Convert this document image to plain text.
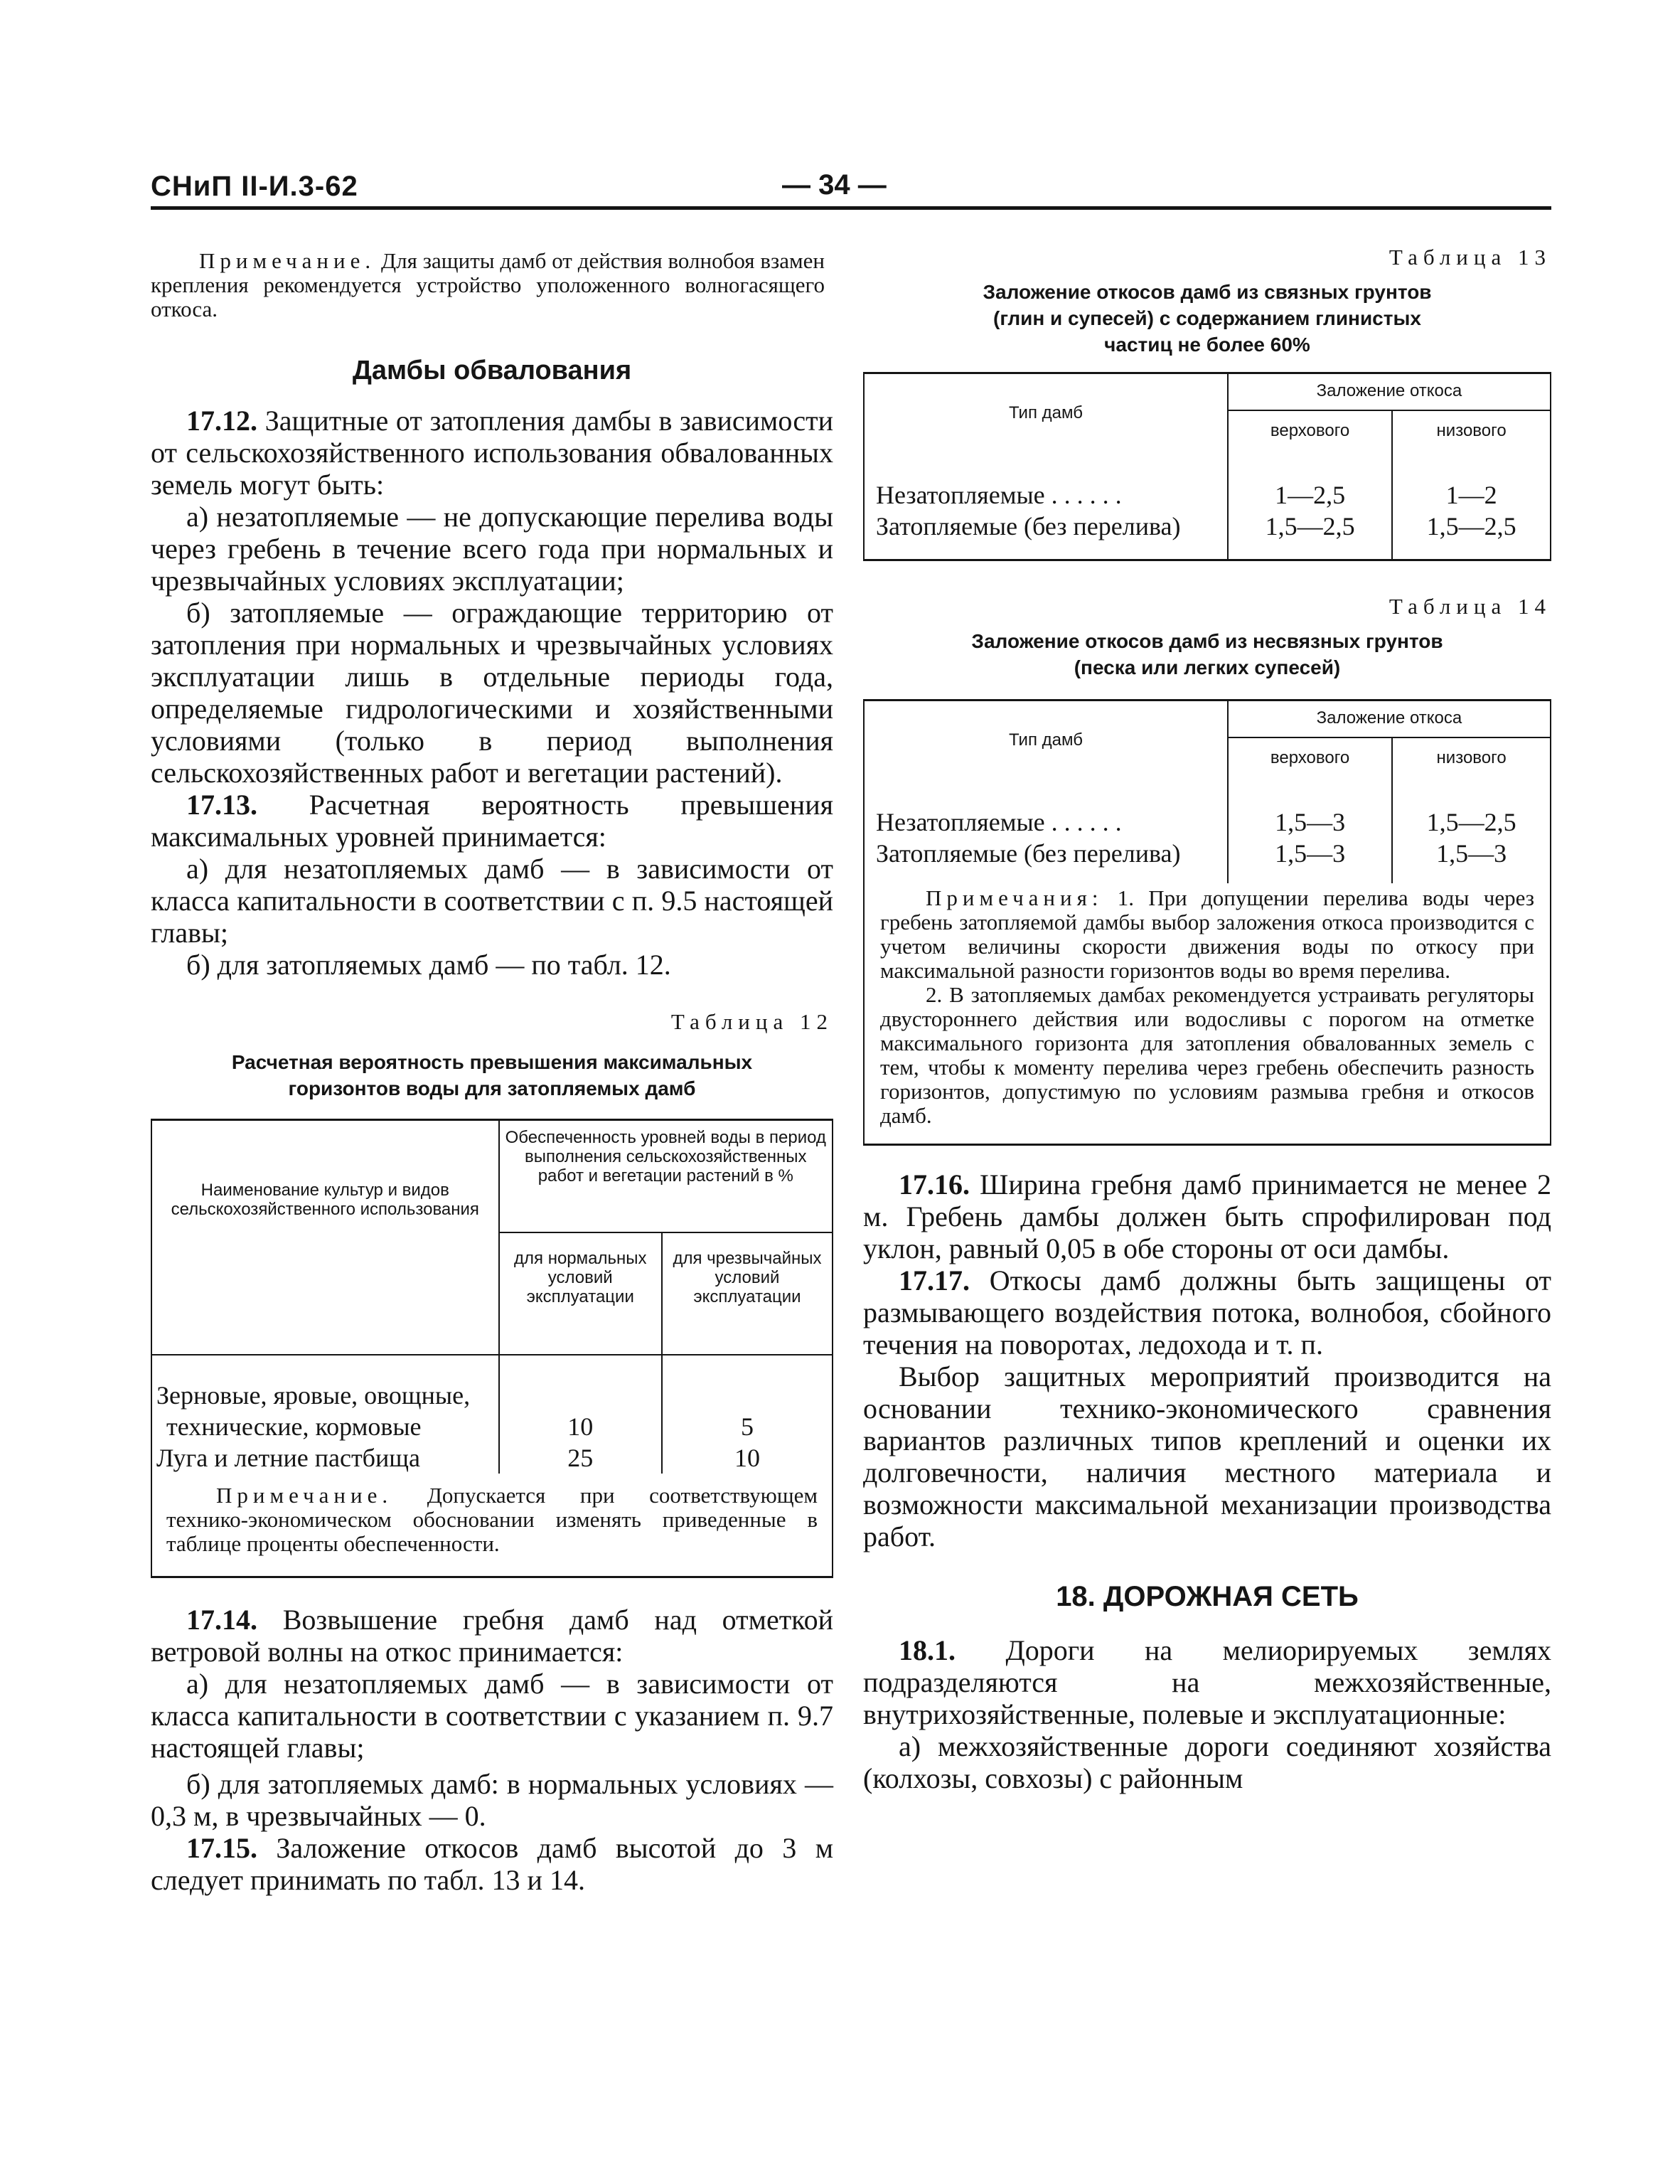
СНиП II-И.3-62	— 34 —

Примечание. Для защиты дамб от действия волнобоя взамен крепления рекомендуется устройство уположенного волногасящего откоса.

Дамбы обвалования

17.12. Защитные от затопления дамбы в зависимости от сельскохозяйственного использования обвалованных земель могут быть:

а) незатопляемые — не допускающие перелива воды через гребень в течение всего года при нормальных и чрезвычайных условиях эксплуатации;

б) затопляемые — ограждающие территорию от затопления при нормальных и чрезвычайных условиях эксплуатации лишь в отдельные периоды года, определяемые гидрологическими и хозяйственными условиями (только в период выполнения сельскохозяйственных работ и вегетации растений).

17.13. Расчетная вероятность превышения максимальных уровней принимается:

а) для незатопляемых дамб — в зависимости от класса капитальности в соответствии с п. 9.5 настоящей главы;

б) для затопляемых дамб — по табл. 12.

Таблица 12

Расчетная вероятность превышения максимальных

горизонтов воды для затопляемых дамб

Наименование культур и видов сельскохозяйственного использования	Обеспеченность уровней воды в период выполнения сельскохозяйственных работ и вегетации растений в %	

	для нормальных условий эксплуатации	для чрезвычайных условий эксплуатации

Зерновые, яровые, овощные,
технические, кормовые	10	5

Луга и летние пастбища	25	10

Примечание. Допускается при соответствующем технико-экономическом обосновании изменять приведенные в таблице проценты обеспеченности.		

17.14. Возвышение гребня дамб над отметкой ветровой волны на откос принимается:

а) для незатопляемых дамб — в зависимости от класса капитальности в соответствии с указанием п. 9.7 настоящей главы;

б) для затопляемых дамб: в нормальных условиях — 0,3 м, в чрезвычайных — 0.

17.15. Заложение откосов дамб высотой до 3 м следует принимать по табл. 13 и 14.

Таблица 13

Заложение откосов дамб из связных грунтов

(глин и супесей) с содержанием глинистых

частиц не более 60%

Тип дамб	Заложение откоса	

	верхового	низового

Незатопляемые . . . . . .	1—2,5	1—2

Затопляемые (без перелива)	1,5—2,5	1,5—2,5

Таблица 14

Заложение откосов дамб из несвязных грунтов

(песка или легких супесей)

Тип дамб	Заложение откоса	

	верхового	низового

Незатопляемые . . . . . .	1,5—3	1,5—2,5

Затопляемые (без перелива)	1,5—3	1,5—3

Примечания: 1. При допущении перелива воды через гребень затопляемой дамбы выбор заложения откоса производится с учетом величины скорости движения воды по откосу при максимальной разности горизонтов воды во время перелива.

2. В затопляемых дамбах рекомендуется устраивать регуляторы двустороннего действия или водосливы с порогом на отметке максимального горизонта для затопления обвалованных земель с тем, чтобы к моменту перелива через гребень обеспечить разность горизонтов, допустимую по условиям размыва гребня и откосов дамб.		

17.16. Ширина гребня дамб принимается не менее 2 м. Гребень дамбы должен быть спрофилирован под уклон, равный 0,05 в обе стороны от оси дамбы.

17.17. Откосы дамб должны быть защищены от размывающего воздействия потока, волнобоя, сбойного течения на поворотах, ледохода и т. п.

Выбор защитных мероприятий производится на основании технико-экономического сравнения вариантов различных типов креплений и оценки их долговечности, наличия местного материала и возможности максимальной механизации производства работ.

18. ДОРОЖНАЯ СЕТЬ

18.1. Дороги на мелиорируемых землях подразделяются на межхозяйственные, внутрихозяйственные, полевые и эксплуатационные:

а) межхозяйственные дороги соединяют хозяйства (колхозы, совхозы) с районным
